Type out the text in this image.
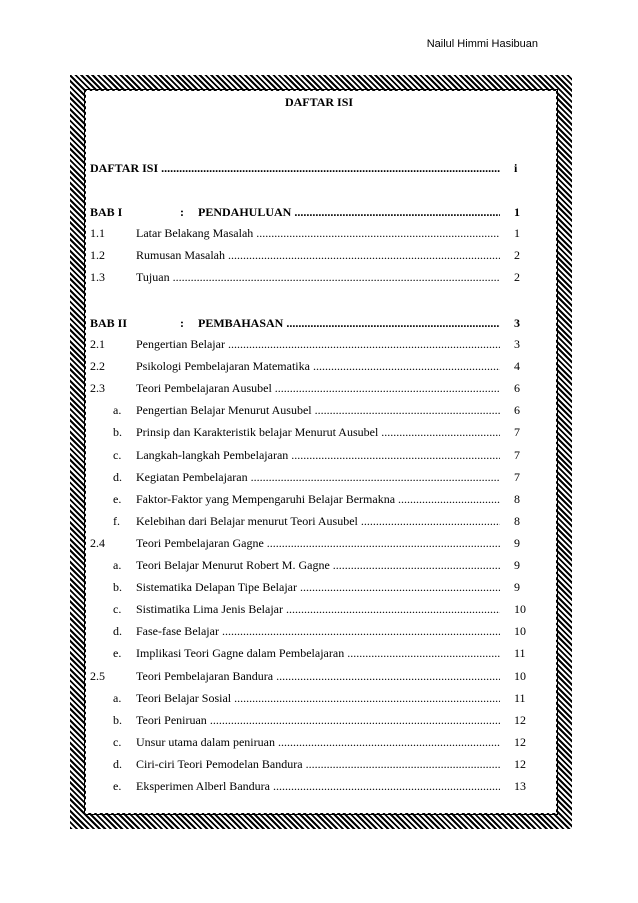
Nailul Himmi Hasibuan
DAFTAR ISI
DAFTAR ISI .....	i
BAB I	: PENDAHULUAN .....	1
1.1	Latar Belakang Masalah .....	1
1.2	Rumusan Masalah .....	2
1.3	Tujuan .....	2
BAB II	: PEMBAHASAN .....	3
2.1	Pengertian Belajar .....	3
2.2	Psikologi Pembelajaran Matematika .....	4
2.3	Teori Pembelajaran Ausubel .....	6
a. Pengertian Belajar Menurut Ausubel .....	6
b. Prinsip dan Karakteristik belajar Menurut Ausubel .....	7
c. Langkah-langkah Pembelajaran .....	7
d. Kegiatan Pembelajaran .....	7
e. Faktor-Faktor yang Mempengaruhi Belajar Bermakna .....	8
f. Kelebihan dari Belajar menurut Teori Ausubel .....	8
2.4	Teori Pembelajaran Gagne .....	9
a. Teori Belajar Menurut Robert M. Gagne .....	9
b. Sistematika Delapan Tipe Belajar .....	9
c. Sistimatika Lima Jenis Belajar .....	10
d. Fase-fase Belajar .....	10
e. Implikasi Teori Gagne dalam Pembelajaran .....	11
2.5	Teori Pembelajaran Bandura .....	10
a. Teori Belajar Sosial .....	11
b. Teori Peniruan .....	12
c. Unsur utama dalam peniruan .....	12
d. Ciri-ciri Teori Pemodelan Bandura .....	12
e. Eksperimen Alberl Bandura .....	13
